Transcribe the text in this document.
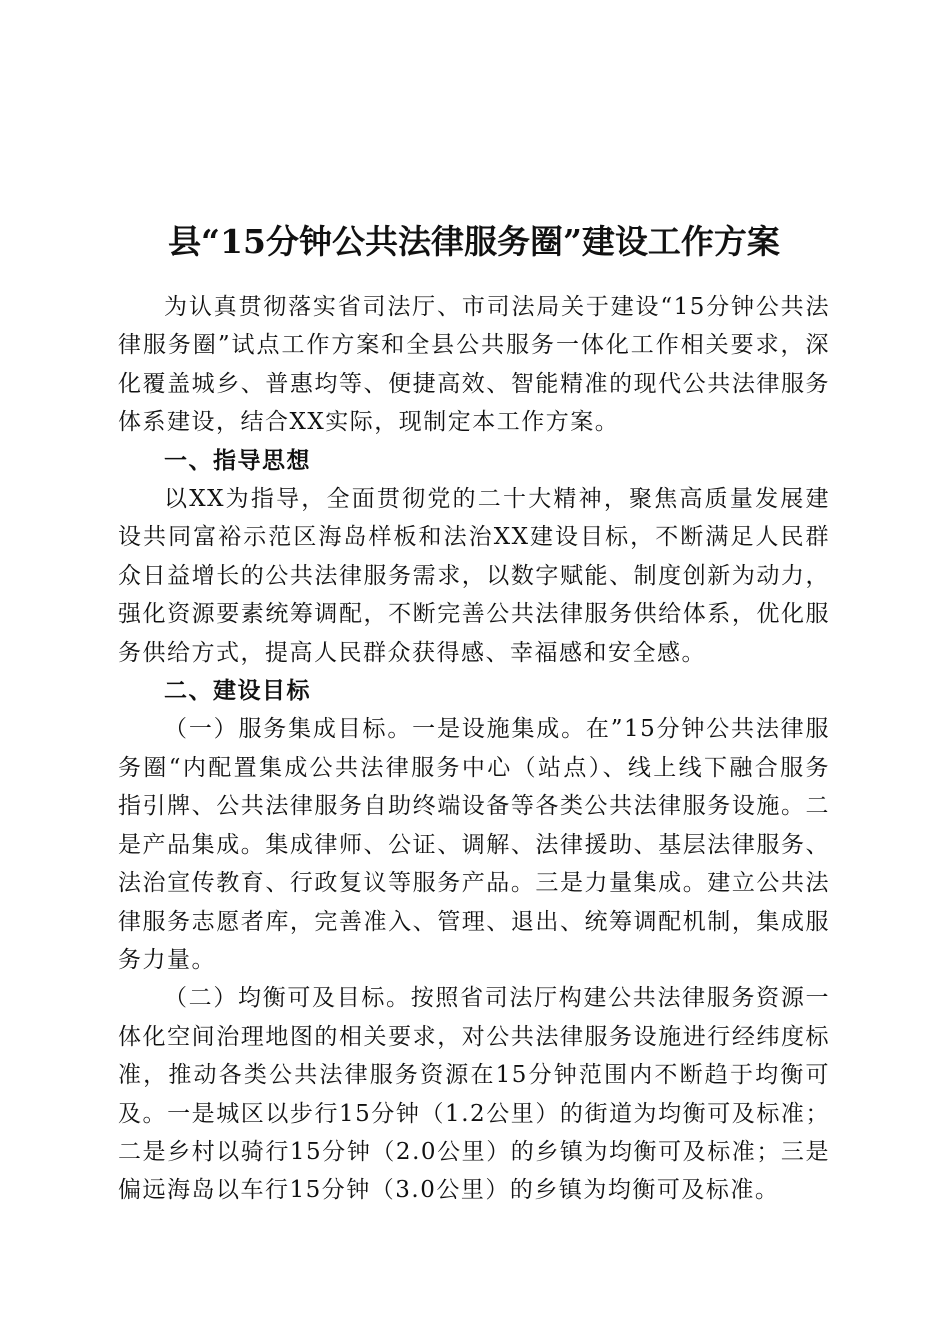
县“15分钟公共法律服务圈”建设工作方案

为认真贯彻落实省司法厅、市司法局关于建设“15分钟公共法律服务圈”试点工作方案和全县公共服务一体化工作相关要求，深化覆盖城乡、普惠均等、便捷高效、智能精准的现代公共法律服务体系建设，结合XX实际，现制定本工作方案。

一、指导思想

以XX为指导，全面贯彻党的二十大精神，聚焦高质量发展建设共同富裕示范区海岛样板和法治XX建设目标，不断满足人民群众日益增长的公共法律服务需求，以数字赋能、制度创新为动力，强化资源要素统筹调配，不断完善公共法律服务供给体系，优化服务供给方式，提高人民群众获得感、幸福感和安全感。

二、建设目标

（一）服务集成目标。一是设施集成。在”15分钟公共法律服务圈“内配置集成公共法律服务中心（站点）、线上线下融合服务指引牌、公共法律服务自助终端设备等各类公共法律服务设施。二是产品集成。集成律师、公证、调解、法律援助、基层法律服务、法治宣传教育、行政复议等服务产品。三是力量集成。建立公共法律服务志愿者库，完善准入、管理、退出、统筹调配机制，集成服务力量。

（二）均衡可及目标。按照省司法厅构建公共法律服务资源一体化空间治理地图的相关要求，对公共法律服务设施进行经纬度标准，推动各类公共法律服务资源在15分钟范围内不断趋于均衡可及。一是城区以步行15分钟（1.2公里）的街道为均衡可及标准；二是乡村以骑行15分钟（2.0公里）的乡镇为均衡可及标准；三是偏远海岛以车行15分钟（3.0公里）的乡镇为均衡可及标准。
